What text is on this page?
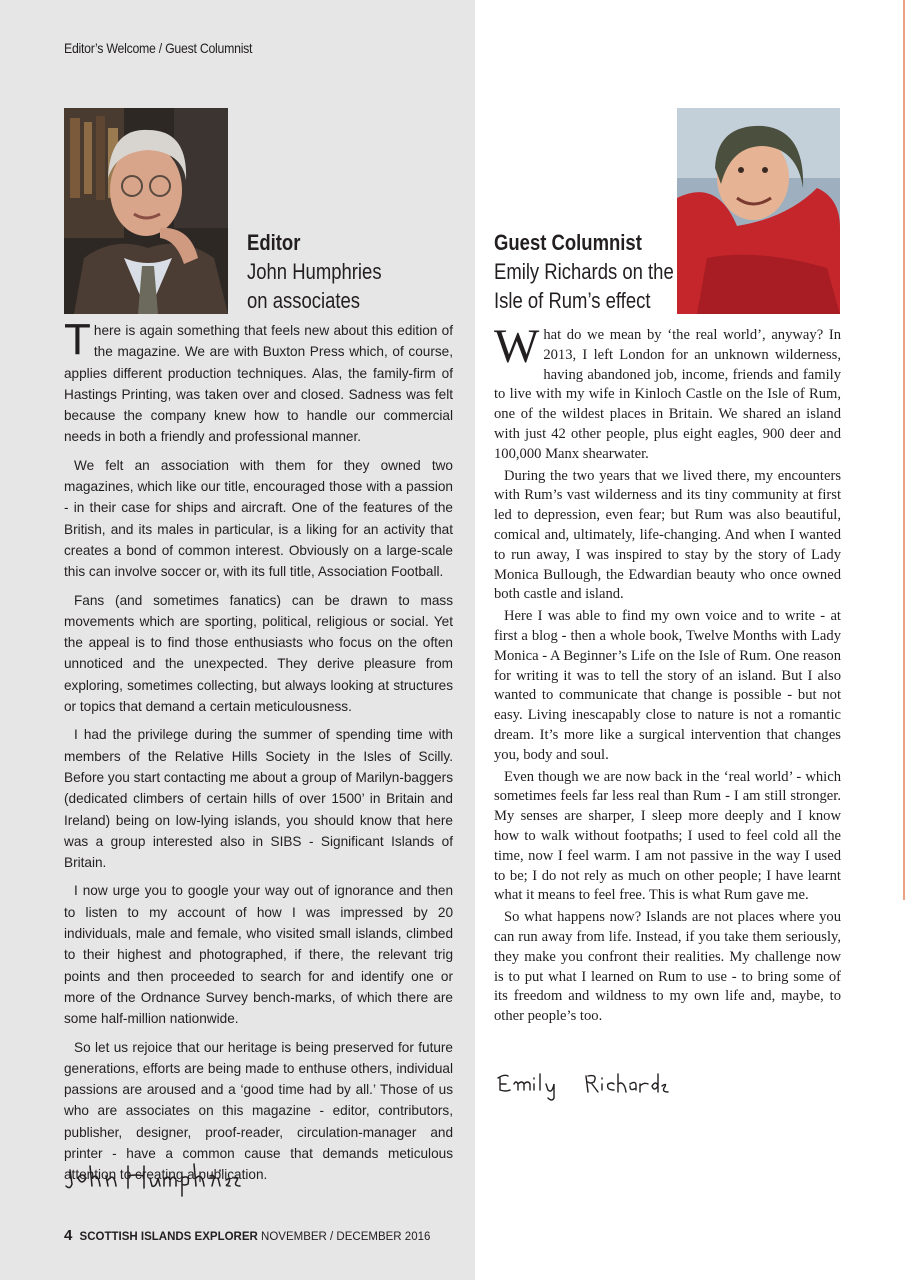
Editor’s Welcome / Guest Columnist
Editor
John Humphries
on associates
Guest Columnist
Emily Richards on the
Isle of Rum’s effect

There is again something that feels new about this edition of the magazine. We are with Buxton Press which, of course, applies different production techniques. Alas, the family-firm of Hastings Printing, was taken over and closed. Sadness was felt because the company knew how to handle our commercial needs in both a friendly and professional manner.

We felt an association with them for they owned two magazines, which like our title, encouraged those with a passion - in their case for ships and aircraft. One of the features of the British, and its males in particular, is a liking for an activity that creates a bond of common interest. Obviously on a large-scale this can involve soccer or, with its full title, Association Football.

Fans (and sometimes fanatics) can be drawn to mass movements which are sporting, political, religious or social. Yet the appeal is to find those enthusiasts who focus on the often unnoticed and the unexpected. They derive pleasure from exploring, sometimes collecting, but always looking at structures or topics that demand a certain meticulousness.

I had the privilege during the summer of spending time with members of the Relative Hills Society in the Isles of Scilly. Before you start contacting me about a group of Marilyn-baggers (dedicated climbers of certain hills of over 1500’ in Britain and Ireland) being on low-lying islands, you should know that here was a group interested also in SIBS - Significant Islands of Britain.

I now urge you to google your way out of ignorance and then to listen to my account of how I was impressed by 20 individuals, male and female, who visited small islands, climbed to their highest and photographed, if there, the relevant trig points and then proceeded to search for and identify one or more of the Ordnance Survey bench-marks, of which there are some half-million nationwide.

So let us rejoice that our heritage is being preserved for future generations, efforts are being made to enthuse others, individual passions are aroused and a ‘good time had by all.’ Those of us who are associates on this magazine - editor, contributors, publisher, designer, proof-reader, circulation-manager and printer - have a common cause that demands meticulous attention to creating a publication.

What do we mean by ‘the real world’, anyway? In 2013, I left London for an unknown wilderness, having abandoned job, income, friends and family to live with my wife in Kinloch Castle on the Isle of Rum, one of the wildest places in Britain. We shared an island with just 42 other people, plus eight eagles, 900 deer and 100,000 Manx shearwater.

During the two years that we lived there, my encounters with Rum’s vast wilderness and its tiny community at first led to depression, even fear; but Rum was also beautiful, comical and, ultimately, life-changing. And when I wanted to run away, I was inspired to stay by the story of Lady Monica Bullough, the Edwardian beauty who once owned both castle and island.

Here I was able to find my own voice and to write - at first a blog - then a whole book, Twelve Months with Lady Monica - A Beginner’s Life on the Isle of Rum. One reason for writing it was to tell the story of an island. But I also wanted to communicate that change is possible - but not easy. Living inescapably close to nature is not a romantic dream. It’s more like a surgical intervention that changes you, body and soul.

Even though we are now back in the ‘real world’ - which sometimes feels far less real than Rum - I am still stronger. My senses are sharper, I sleep more deeply and I know how to walk without footpaths; I used to feel cold all the time, now I feel warm. I am not passive in the way I used to be; I do not rely as much on other people; I have learnt what it means to feel free. This is what Rum gave me.

So what happens now? Islands are not places where you can run away from life. Instead, if you take them seriously, they make you confront their realities. My challenge now is to put what I learned on Rum to use - to bring some of its freedom and wildness to my own life and, maybe, to other people’s too.

4 SCOTTISH ISLANDS EXPLORER NOVEMBER / DECEMBER 2016
